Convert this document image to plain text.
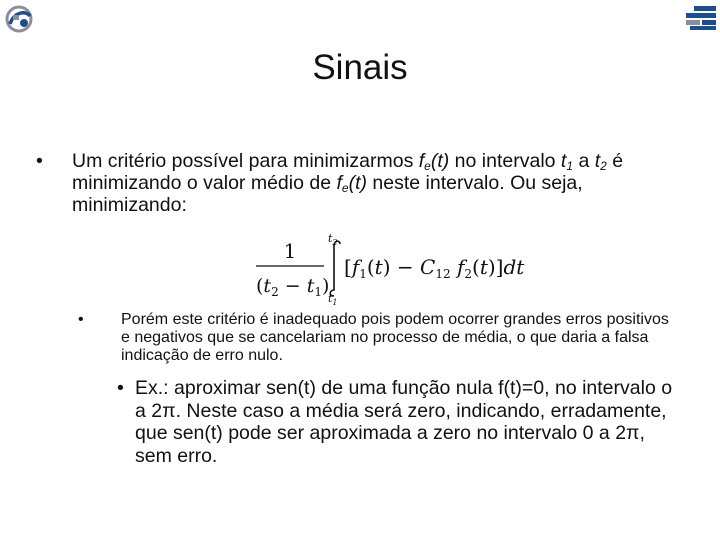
Sinais
• Um critério possível para minimizarmos $f_e(t)$ no intervalo $t_1$ a $t_2$ é minimizando o valor médio de $f_e(t)$ neste intervalo. Ou seja, minimizando:
1
$(t_2 - t_1)$
$t_2$
$t_1$
[$f_1(t) - C_{12}$ $f_2(t)]dt$
• Porém este critério é inadequado pois podem ocorrer grandes erros positivos e negativos que se cancelariam no processo de média, o que daria a falsa indicação de erro nulo.
• Ex.: aproximar sen(t) de uma função nula f(t)=0, no intervalo o a 2π. Neste caso a média será zero, indicando, erradamente, que sen(t) pode ser aproximada a zero no intervalo 0 a 2π, sem erro.
